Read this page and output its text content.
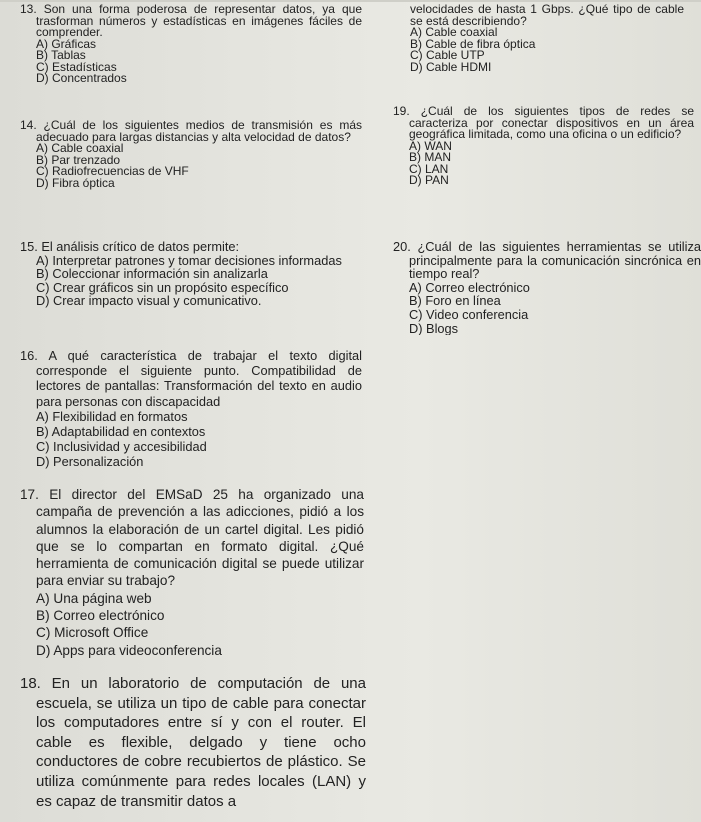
13. Son una forma poderosa de representar datos, ya que trasforman números y estadísticas en imágenes fáciles de comprender.

A) Gráficas

B) Tablas

C) Estadísticas

D) Concentrados

velocidades de hasta 1 Gbps. ¿Qué tipo de cable se está describiendo?

A) Cable coaxial

B) Cable de fibra óptica

C) Cable UTP

D) Cable HDMI

14. ¿Cuál de los siguientes medios de transmisión es más adecuado para largas distancias y alta velocidad de datos?

A) Cable coaxial

B) Par trenzado

C) Radiofrecuencias de VHF

D) Fibra óptica

19. ¿Cuál de los siguientes tipos de redes se caracteriza por conectar dispositivos en un área geográfica limitada, como una oficina o un edificio?

A) WAN

B) MAN

C) LAN

D) PAN

15. El análisis crítico de datos permite:

A) Interpretar patrones y tomar decisiones informadas

B) Coleccionar información sin analizarla

C) Crear gráficos sin un propósito específico

D) Crear impacto visual y comunicativo.

20. ¿Cuál de las siguientes herramientas se utiliza principalmente para la comunicación sincrónica en tiempo real?

A) Correo electrónico

B) Foro en línea

C) Video conferencia

D) Blogs

16. A qué característica de trabajar el texto digital corresponde el siguiente punto. Compatibilidad de lectores de pantallas: Transformación del texto en audio para personas con discapacidad

A) Flexibilidad en formatos

B) Adaptabilidad en contextos

C) Inclusividad y accesibilidad

D) Personalización

17. El director del EMSaD 25 ha organizado una campaña de prevención a las adicciones, pidió a los alumnos la elaboración de un cartel digital. Les pidió que se lo compartan en formato digital. ¿Qué herramienta de comunicación digital se puede utilizar para enviar su trabajo?

A) Una página web

B) Correo electrónico

C) Microsoft Office

D) Apps para videoconferencia

18. En un laboratorio de computación de una escuela, se utiliza un tipo de cable para conectar los computadores entre sí y con el router. El cable es flexible, delgado y tiene ocho conductores de cobre recubiertos de plástico. Se utiliza comúnmente para redes locales (LAN) y es capaz de transmitir datos a
